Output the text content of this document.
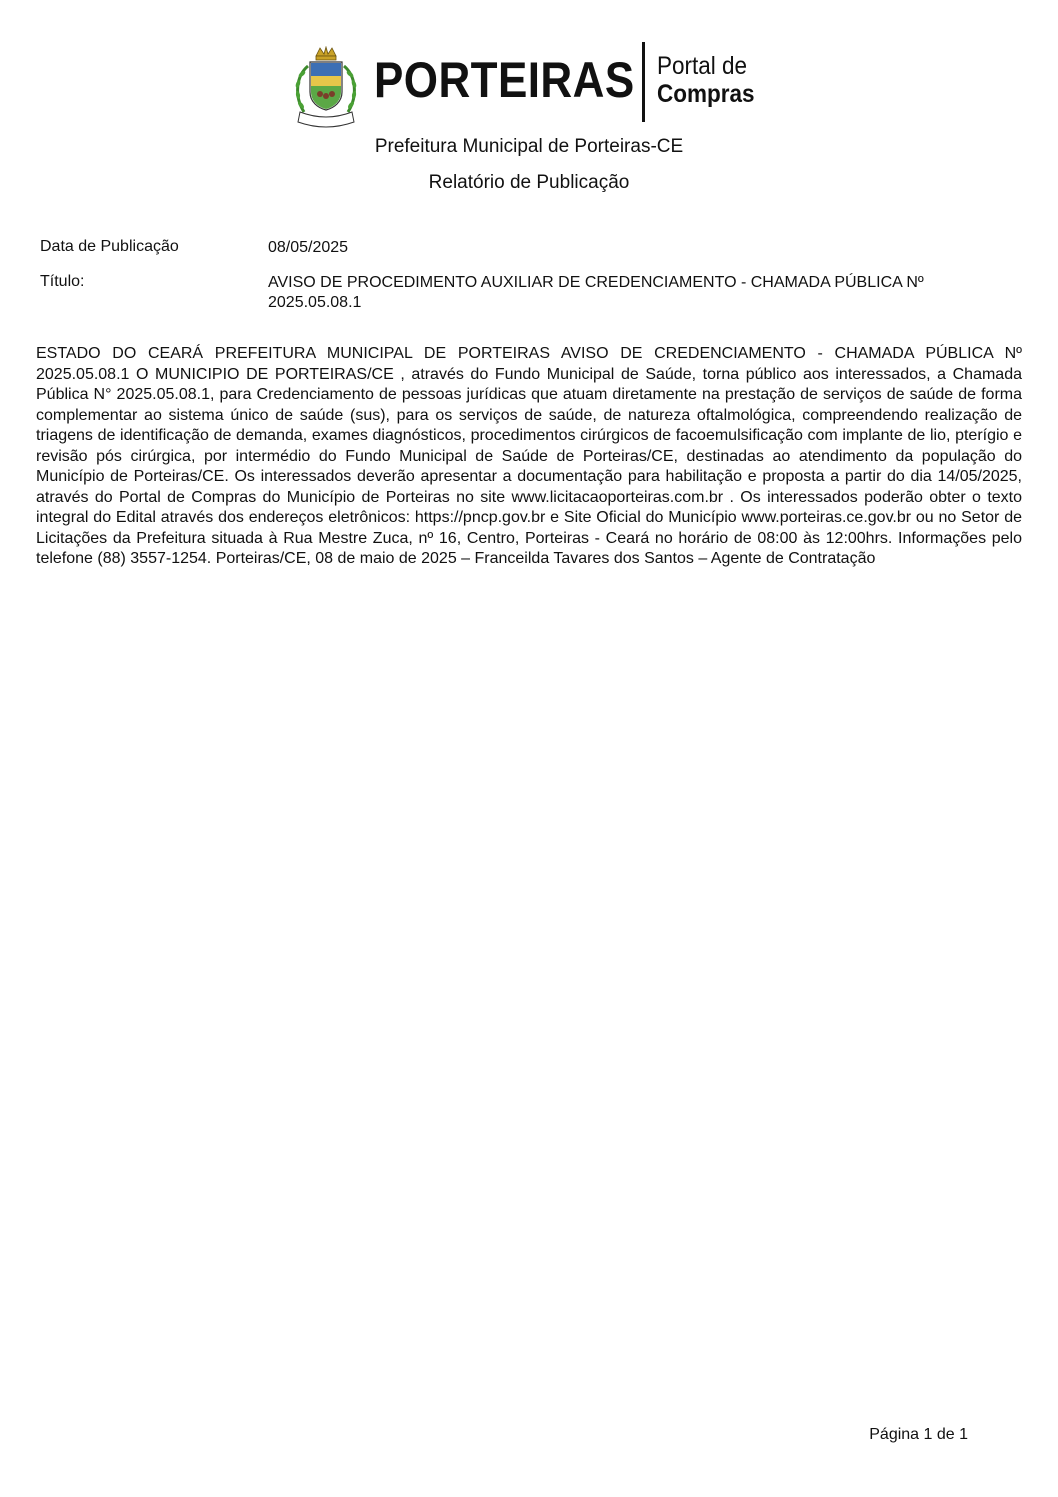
PORTEIRAS Portal de
Compras
Prefeitura Municipal de Porteiras-CE
Relatório de Publicação
Data de Publicação	08/05/2025
Título:	AVISO DE PROCEDIMENTO AUXILIAR DE CREDENCIAMENTO - CHAMADA PÚBLICA Nº 2025.05.08.1
ESTADO DO CEARÁ PREFEITURA MUNICIPAL DE PORTEIRAS AVISO DE CREDENCIAMENTO - CHAMADA PÚBLICA Nº 2025.05.08.1 O MUNICIPIO DE PORTEIRAS/CE , através do Fundo Municipal de Saúde, torna público aos interessados, a Chamada Pública N° 2025.05.08.1, para Credenciamento de pessoas jurídicas que atuam diretamente na prestação de serviços de saúde de forma complementar ao sistema único de saúde (sus), para os serviços de saúde, de natureza oftalmológica, compreendendo realização de triagens de identificação de demanda, exames diagnósticos, procedimentos cirúrgicos de facoemulsificação com implante de lio, pterígio e revisão pós cirúrgica, por intermédio do Fundo Municipal de Saúde de Porteiras/CE, destinadas ao atendimento da população do Município de Porteiras/CE. Os interessados deverão apresentar a documentação para habilitação e proposta a partir do dia 14/05/2025, através do Portal de Compras do Município de Porteiras no site www.licitacaoporteiras.com.br . Os interessados poderão obter o texto integral do Edital através dos endereços eletrônicos: https://pncp.gov.br e Site Oficial do Município www.porteiras.ce.gov.br ou no Setor de Licitações da Prefeitura situada à Rua Mestre Zuca, nº 16, Centro, Porteiras - Ceará no horário de 08:00 às 12:00hrs. Informações pelo telefone (88) 3557-1254. Porteiras/CE, 08 de maio de 2025 – Franceilda Tavares dos Santos – Agente de Contratação
Página 1 de 1
